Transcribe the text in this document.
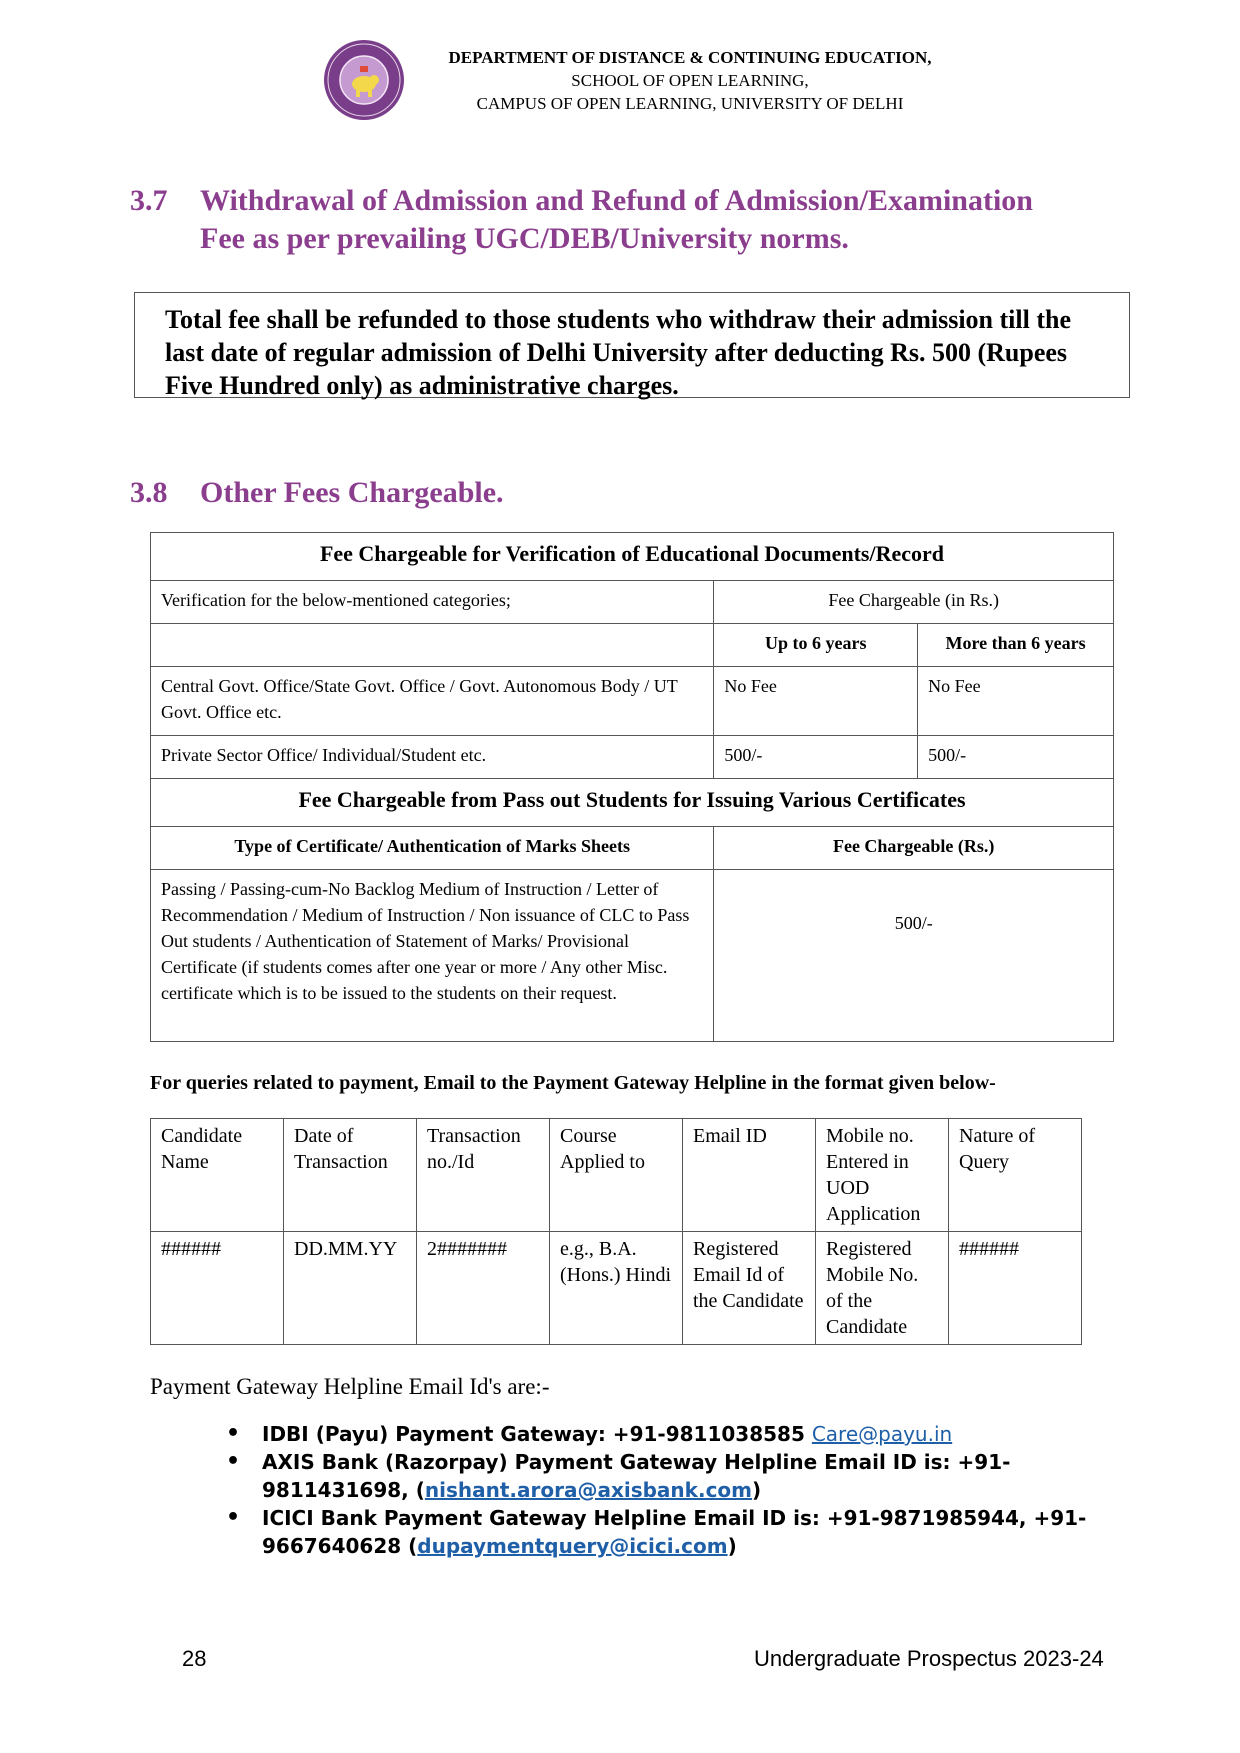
DEPARTMENT OF DISTANCE & CONTINUING EDUCATION,
SCHOOL OF OPEN LEARNING,
CAMPUS OF OPEN LEARNING, UNIVERSITY OF DELHI
3.7 Withdrawal of Admission and Refund of Admission/Examination
Fee as per prevailing UGC/DEB/University norms.
Total fee shall be refunded to those students who withdraw their admission till the last date of regular admission of Delhi University after deducting Rs. 500 (Rupees Five Hundred only) as administrative charges.
3.8 Other Fees Chargeable.
Fee Chargeable for Verification of Educational Documents/Record		
Verification for the below-mentioned categories;	Fee Chargeable (in Rs.)	
	Up to 6 years	More than 6 years
Central Govt. Office/State Govt. Office / Govt. Autonomous Body / UT Govt. Office etc.	No Fee	No Fee
Private Sector Office/ Individual/Student etc.	500/-	500/-
Fee Chargeable from Pass out Students for Issuing Various Certificates		
Type of Certificate/ Authentication of Marks Sheets	Fee Chargeable (Rs.)	
Passing / Passing-cum-No Backlog Medium of Instruction / Letter of Recommendation / Medium of Instruction / Non issuance of CLC to Pass Out students / Authentication of Statement of Marks/ Provisional Certificate (if students comes after one year or more / Any other Misc. certificate which is to be issued to the students on their request.	500/-	
For queries related to payment, Email to the Payment Gateway Helpline in the format given below-
Candidate Name	Date of Transaction	Transaction no./Id	Course Applied to	Email ID	Mobile no. Entered in UOD Application	Nature of Query
######	DD.MM.YY	2#######	e.g., B.A. (Hons.) Hindi	Registered Email Id of the Candidate	Registered Mobile No. of the Candidate	######
Payment Gateway Helpline Email Id's are:-
• IDBI (Payu) Payment Gateway: +91-9811038585 Care@payu.in
• AXIS Bank (Razorpay) Payment Gateway Helpline Email ID is: +91-9811431698, (nishant.arora@axisbank.com)
• ICICI Bank Payment Gateway Helpline Email ID is: +91-9871985944, +91-9667640628 (dupaymentquery@icici.com)
28	Undergraduate Prospectus 2023-24
